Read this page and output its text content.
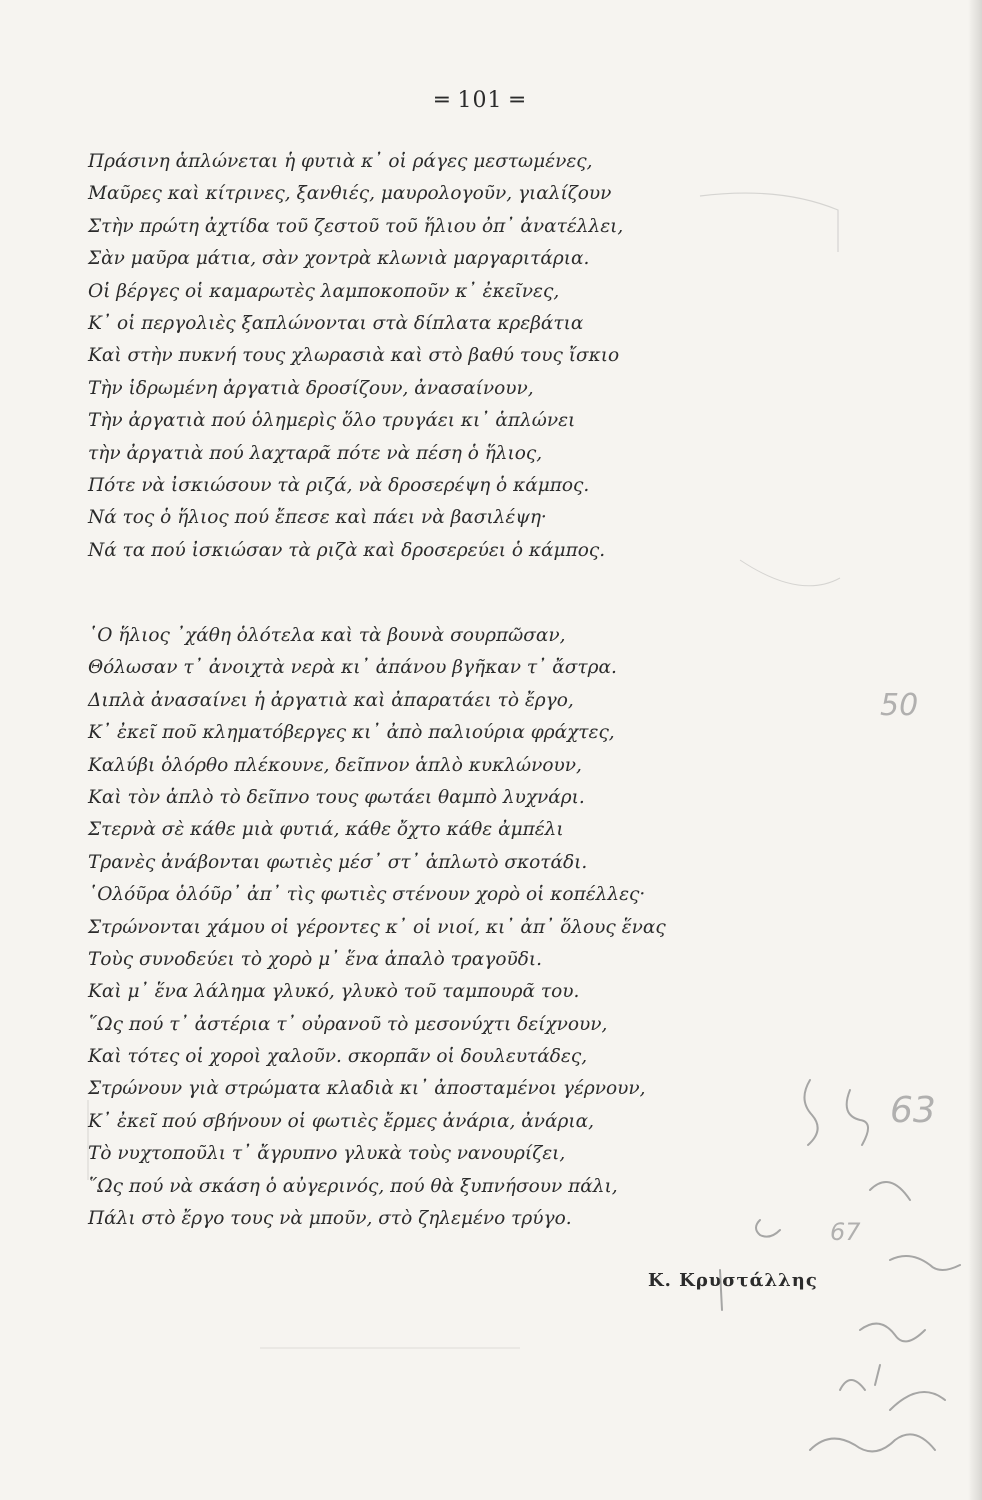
═ 101 ═
Πράσινη ἁπλώνεται ἡ φυτιὰ κ᾽ οἱ ράγες μεστωμένες,
Μαῦρες καὶ κίτρινες, ξανθιές, μαυρολογοῦν, γιαλίζουν
Στὴν πρώτη ἀχτίδα τοῦ ζεστοῦ τοῦ ἥλιου ὀπ᾽ ἀνατέλλει,
Σὰν μαῦρα μάτια, σὰν χοντρὰ κλωνιὰ μαργαριτάρια.
Οἱ βέργες οἱ καμαρωτὲς λαμποκοποῦν κ᾽ ἐκεῖνες,
Κ᾽ οἱ περγολιὲς ξαπλώνονται στὰ δίπλατα κρεβάτια
Καὶ στὴν πυκνή τους χλωρασιὰ καὶ στὸ βαθύ τους ἴσκιο
Τὴν ἱδρωμένη ἀργατιὰ δροσίζουν, ἀνασαίνουν,
Τὴν ἀργατιὰ πού ὁλημερὶς ὅλο τρυγάει κι᾽ ἁπλώνει
τὴν ἀργατιὰ πού λαχταρᾶ πότε νὰ πέση ὁ ἥλιος,
Πότε νὰ ἰσκιώσουν τὰ ριζά, νὰ δροσερέψη ὁ κάμπος.
Νά τος ὁ ἥλιος πού ἔπεσε καὶ πάει νὰ βασιλέψη·
Νά τα πού ἰσκιώσαν τὰ ριζὰ καὶ δροσερεύει ὁ κάμπος.
῾Ο ἥλιος ᾽χάθη ὁλότελα καὶ τὰ βουνὰ σουρπῶσαν,
Θόλωσαν τ᾽ ἀνοιχτὰ νερὰ κι᾽ ἀπάνου βγῆκαν τ᾽ ἄστρα.
Διπλὰ ἀνασαίνει ἡ ἀργατιὰ καὶ ἀπαρατάει τὸ ἔργο,
Κ᾽ ἐκεῖ ποῦ κληματόβεργες κι᾽ ἀπὸ παλιούρια φράχτες,
Καλύβι ὁλόρθο πλέκουνε, δεῖπνον ἁπλὸ κυκλώνουν,
Καὶ τὸν ἁπλὸ τὸ δεῖπνο τους φωτάει θαμπὸ λυχνάρι.
Στερνὰ σὲ κάθε μιὰ φυτιά, κάθε ὄχτο κάθε ἀμπέλι
Τρανὲς ἀνάβονται φωτιὲς μέσ᾽ στ᾽ ἁπλωτὸ σκοτάδι.
῾Ολόῦρα ὁλόῦρ᾽ ἀπ᾽ τὶς φωτιὲς στένουν χορὸ οἱ κοπέλλες·
Στρώνονται χάμου οἱ γέροντες κ᾽ οἱ νιοί, κι᾽ ἀπ᾽ ὅλους ἕνας
Τοὺς συνοδεύει τὸ χορὸ μ᾽ ἕνα ἁπαλὸ τραγοῦδι.
Καὶ μ᾽ ἕνα λάλημα γλυκό, γλυκὸ τοῦ ταμπουρᾶ του.
῞Ως πού τ᾽ ἀστέρια τ᾽ οὐρανοῦ τὸ μεσονύχτι δείχνουν,
Καὶ τότες οἱ χοροὶ χαλοῦν. σκορπᾶν οἱ δουλευτάδες,
Στρώνουν γιὰ στρώματα κλαδιὰ κι᾽ ἀποσταμένοι γέρνουν,
Κ᾽ ἐκεῖ πού σβήνουν οἱ φωτιὲς ἔρμες ἀνάρια, ἀνάρια,
Τὸ νυχτοποῦλι τ᾽ ἄγρυπνο γλυκὰ τοὺς νανουρίζει,
῞Ως πού νὰ σκάση ὁ αὐγερινός, πού θὰ ξυπνήσουν πάλι,
Πάλι στὸ ἔργο τους νὰ μποῦν, στὸ ζηλεμένο τρύγο.
Κ. Κρυστάλλης
50
63
67
